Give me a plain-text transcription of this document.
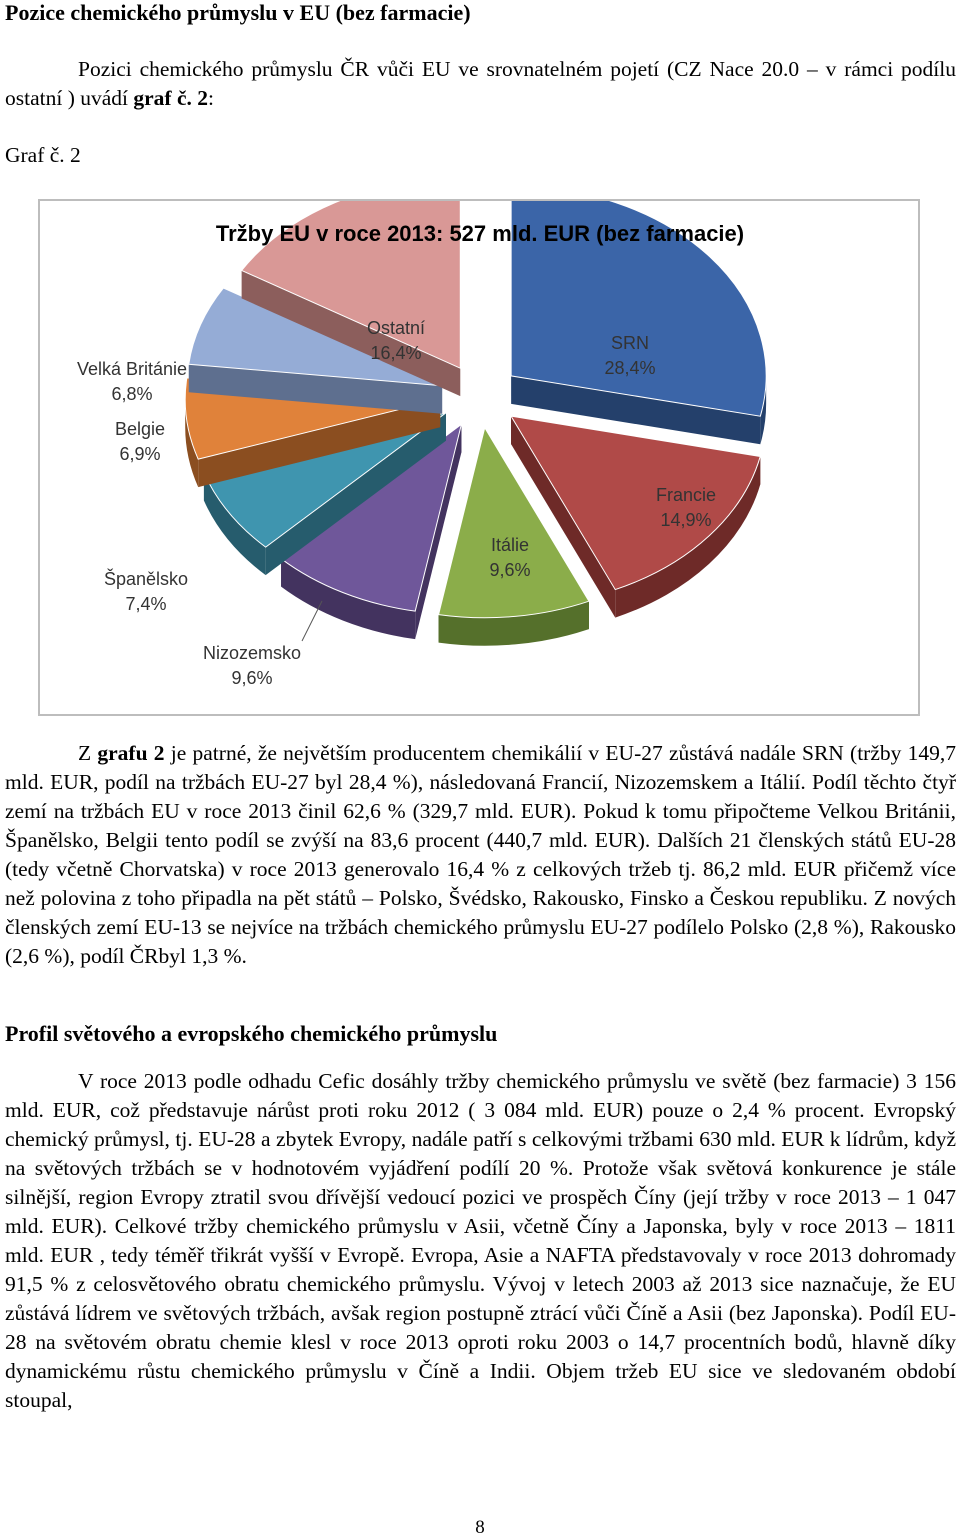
Pozice chemického průmyslu v EU (bez farmacie)

Pozici chemického průmyslu ČR vůči EU ve srovnatelném pojetí (CZ Nace 20.0 – v rámci podílu ostatní ) uvádí graf č. 2:

Graf č. 2
SRN
28,4%
Francie
14,9%
Itálie
9,6%
Nizozemsko
9,6%
Španělsko
7,4%
Belgie
6,9%
Velká Británie
6,8%
Ostatní
16,4%
Tržby EU v roce 2013: 527 mld. EUR (bez farmacie)

Z grafu 2 je patrné, že největším producentem chemikálií v EU-27 zůstává nadále SRN (tržby 149,7 mld. EUR, podíl na tržbách EU-27 byl 28,4 %), následovaná Francií, Nizozemskem a Itálií. Podíl těchto čtyř zemí na tržbách EU v roce 2013 činil 62,6 % (329,7 mld. EUR). Pokud k tomu připočteme Velkou Británii, Španělsko, Belgii tento podíl se zvýší na 83,6 procent (440,7 mld. EUR). Dalších 21 členských států EU-28 (tedy včetně Chorvatska) v roce 2013 generovalo 16,4 % z celkových tržeb tj. 86,2 mld. EUR přičemž více než polovina z toho připadla na pět států – Polsko, Švédsko, Rakousko, Finsko a Českou republiku. Z nových členských zemí EU-13 se nejvíce na tržbách chemického průmyslu EU-27 podílelo Polsko (2,8 %), Rakousko (2,6 %), podíl ČRbyl 1,3 %.

Profil světového a evropského chemického průmyslu

V roce 2013 podle odhadu Cefic dosáhly tržby chemického průmyslu ve světě (bez farmacie) 3 156 mld. EUR, což představuje nárůst proti roku 2012 ( 3 084 mld. EUR) pouze o 2,4 % procent. Evropský chemický průmysl, tj. EU-28 a zbytek Evropy, nadále patří s celkovými tržbami 630 mld. EUR k lídrům, když na světových tržbách se v hodnotovém vyjádření podílí 20 %. Protože však světová konkurence je stále silnější, region Evropy ztratil svou dřívější vedoucí pozici ve prospěch Číny (její tržby v roce 2013 – 1 047 mld. EUR). Celkové tržby chemického průmyslu v Asii, včetně Číny a Japonska, byly v roce 2013 – 1811 mld. EUR , tedy téměř třikrát vyšší v Evropě. Evropa, Asie a NAFTA představovaly v roce 2013 dohromady 91,5 % z celosvětového obratu chemického průmyslu. Vývoj v letech 2003 až 2013 sice naznačuje, že EU zůstává lídrem ve světových tržbách, avšak region postupně ztrácí vůči Číně a Asii (bez Japonska). Podíl EU-28 na světovém obratu chemie klesl v roce 2013 oproti roku 2003 o 14,7 procentních bodů, hlavně díky dynamickému růstu chemického průmyslu v Číně a Indii. Objem tržeb EU sice ve sledovaném období stoupal,

8
